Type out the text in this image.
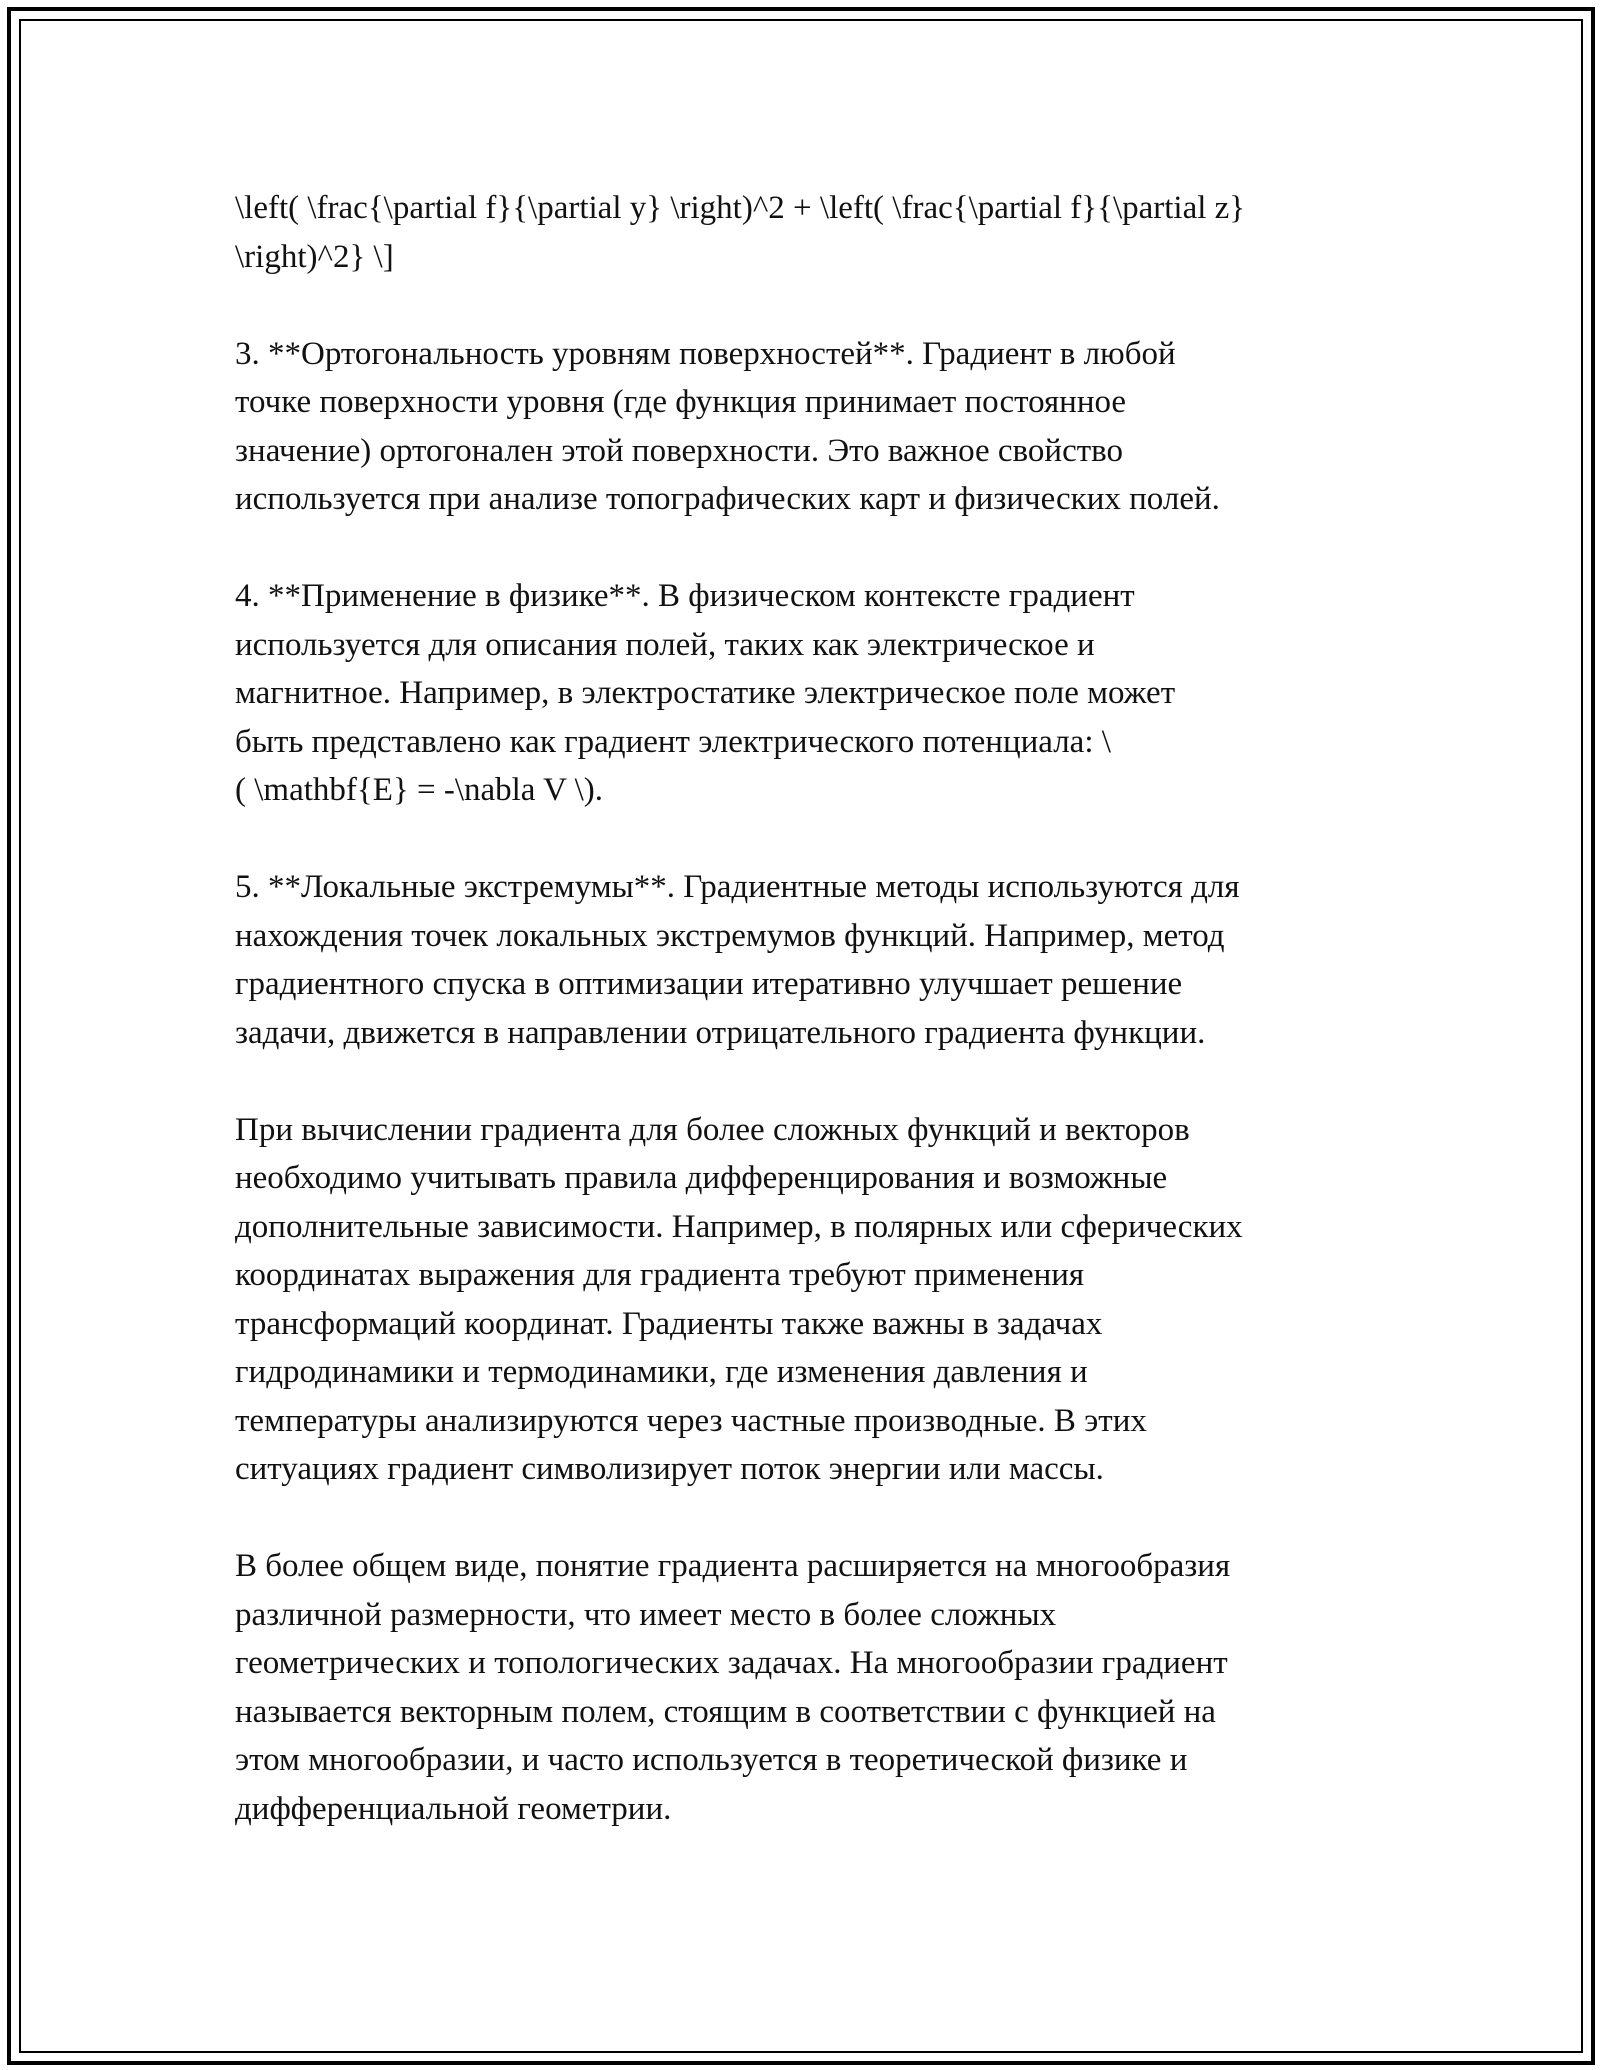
\left( \frac{\partial f}{\partial y} \right)^2 + \left( \frac{\partial f}{\partial z}
\right)^2} \]
3. **Ортогональность уровням поверхностей**. Градиент в любой
точке поверхности уровня (где функция принимает постоянное
значение) ортогонален этой поверхности. Это важное свойство
используется при анализе топографических карт и физических полей.
4. **Применение в физике**. В физическом контексте градиент
используется для описания полей, таких как электрическое и
магнитное. Например, в электростатике электрическое поле может
быть представлено как градиент электрического потенциала: \
( \mathbf{E} = -\nabla V \).
5. **Локальные экстремумы**. Градиентные методы используются для
нахождения точек локальных экстремумов функций. Например, метод
градиентного спуска в оптимизации итеративно улучшает решение
задачи, движется в направлении отрицательного градиента функции.
При вычислении градиента для более сложных функций и векторов
необходимо учитывать правила дифференцирования и возможные
дополнительные зависимости. Например, в полярных или сферических
координатах выражения для градиента требуют применения
трансформаций координат. Градиенты также важны в задачах
гидродинамики и термодинамики, где изменения давления и
температуры анализируются через частные производные. В этих
ситуациях градиент символизирует поток энергии или массы.
В более общем виде, понятие градиента расширяется на многообразия
различной размерности, что имеет место в более сложных
геометрических и топологических задачах. На многообразии градиент
называется векторным полем, стоящим в соответствии с функцией на
этом многообразии, и часто используется в теоретической физике и
дифференциальной геометрии.
